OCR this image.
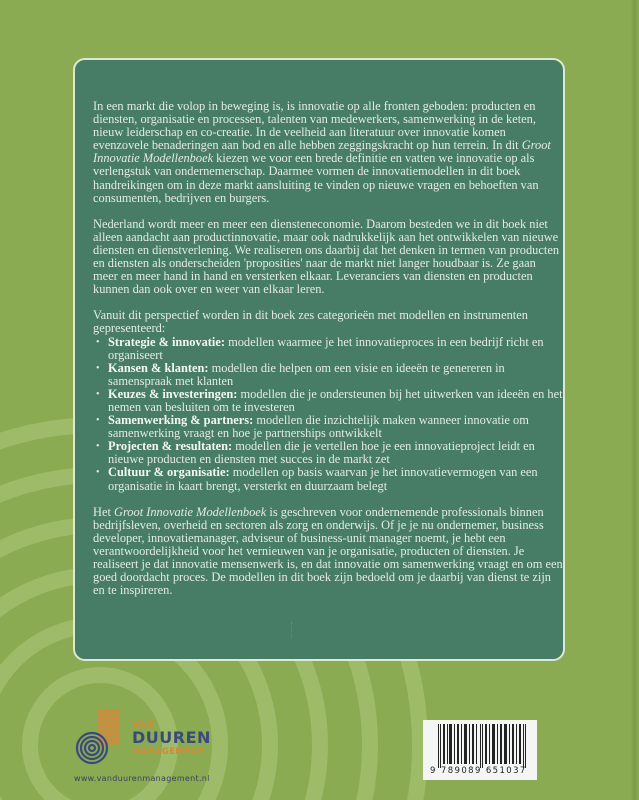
In een markt die volop in beweging is, is innovatie op alle fronten geboden: producten en diensten, organisatie en processen, talenten van medewerkers, samenwerking in de keten, nieuw leiderschap en co-creatie. In de veelheid aan literatuur over innovatie komen evenzovele benaderingen aan bod en alle hebben zeggingskracht op hun terrein. In dit Groot Innovatie Modellenboek kiezen we voor een brede definitie en vatten we innovatie op als verlengstuk van ondernemerschap. Daarmee vormen de innovatiemodellen in dit boek handreikingen om in deze markt aansluiting te vinden op nieuwe vragen en behoeften van consumenten, bedrijven en burgers.

Nederland wordt meer en meer een diensteneconomie. Daarom besteden we in dit boek niet alleen aandacht aan productinnovatie, maar ook nadrukkelijk aan het ontwikkelen van nieuwe diensten en dienstverlening. We realiseren ons daarbij dat het denken in termen van producten en diensten als onderscheiden 'proposities' naar de markt niet langer houdbaar is. Ze gaan meer en meer hand in hand en versterken elkaar. Leveranciers van diensten en producten kunnen dan ook over en weer van elkaar leren.

Vanuit dit perspectief worden in dit boek zes categorieën met modellen en instrumenten gepresenteerd:
• Strategie & innovatie: modellen waarmee je het innovatieproces in een bedrijf richt en organiseert
• Kansen & klanten: modellen die helpen om een visie en ideeën te genereren in samenspraak met klanten
• Keuzes & investeringen: modellen die je ondersteunen bij het uitwerken van ideeën en het nemen van besluiten om te investeren
• Samenwerking & partners: modellen die inzichtelijk maken wanneer innovatie om samenwerking vraagt en hoe je partnerships ontwikkelt
• Projecten & resultaten: modellen die je vertellen hoe je een innovatieproject leidt en nieuwe producten en diensten met succes in de markt zet
• Cultuur & organisatie: modellen op basis waarvan je het innovatievermogen van een organisatie in kaart brengt, versterkt en duurzaam belegt

Het Groot Innovatie Modellenboek is geschreven voor ondernemende professionals binnen bedrijfsleven, overheid en sectoren als zorg en onderwijs. Of je je nu ondernemer, business developer, innovatiemanager, adviseur of business-unit manager noemt, je hebt een verantwoordelijkheid voor het vernieuwen van je organisatie, producten of diensten. Je realiseert je dat innovatie mensenwerk is, en dat innovatie om samenwerking vraagt en om een goed doordacht proces. De modellen in dit boek zijn bedoeld om je daarbij van dienst te zijn en te inspireren.

VAN
DUUREN
MANAGEMENT
www.vanduurenmanagement.nl
9 789089 651037
